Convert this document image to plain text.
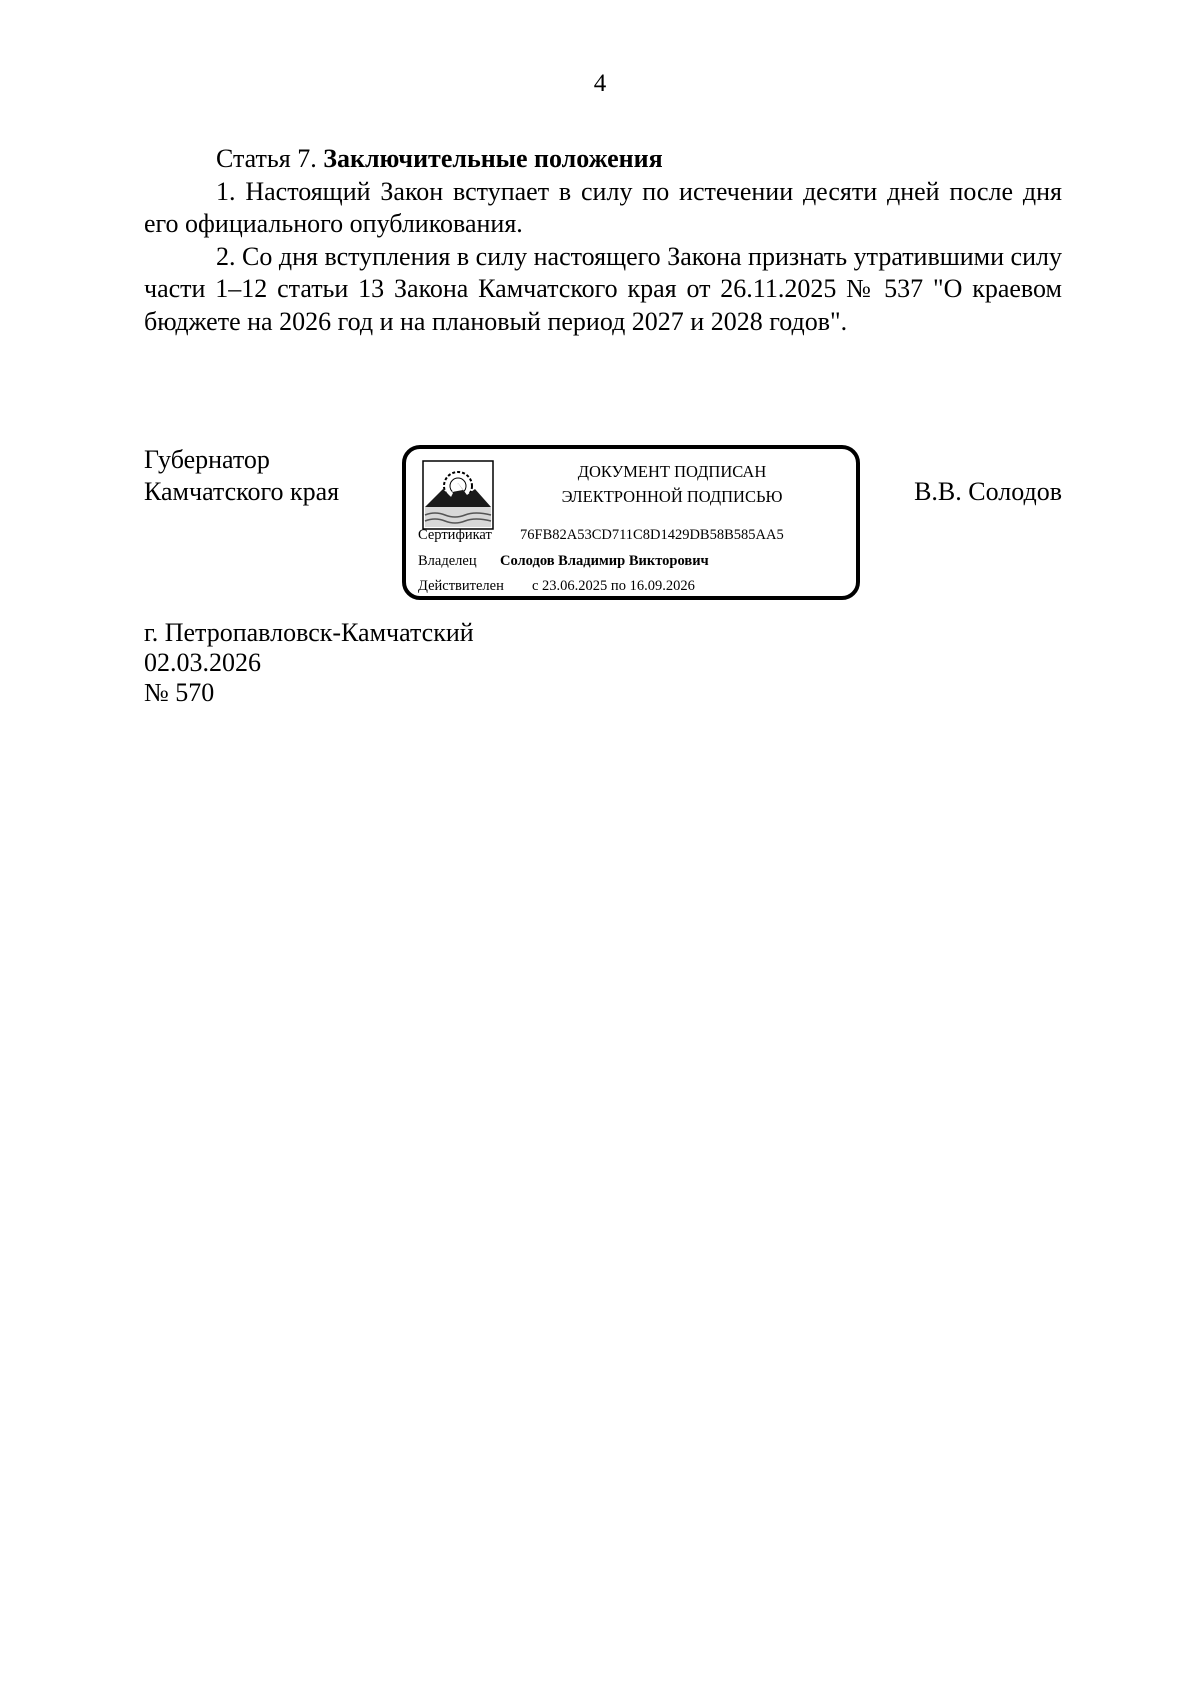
4

Статья 7. Заключительные положения

1. Настоящий Закон вступает в силу по истечении десяти дней после дня его официального опубликования.

2. Со дня вступления в силу настоящего Закона признать утратившими силу части 1–12 статьи 13 Закона Камчатского края от 26.11.2025 № 537 "О краевом бюджете на 2026 год и на плановый период 2027 и 2028 годов".

Губернатор
Камчатского края
ДОКУМЕНТ ПОДПИСАН
ЭЛЕКТРОННОЙ ПОДПИСЬЮ
Сертификат 76FB82A53CD711C8D1429DB58B585AA5
Владелец Солодов Владимир Викторович
Действителен с 23.06.2025 по 16.09.2026
В.В. Солодов
г. Петропавловск-Камчатский
02.03.2026
№ 570
